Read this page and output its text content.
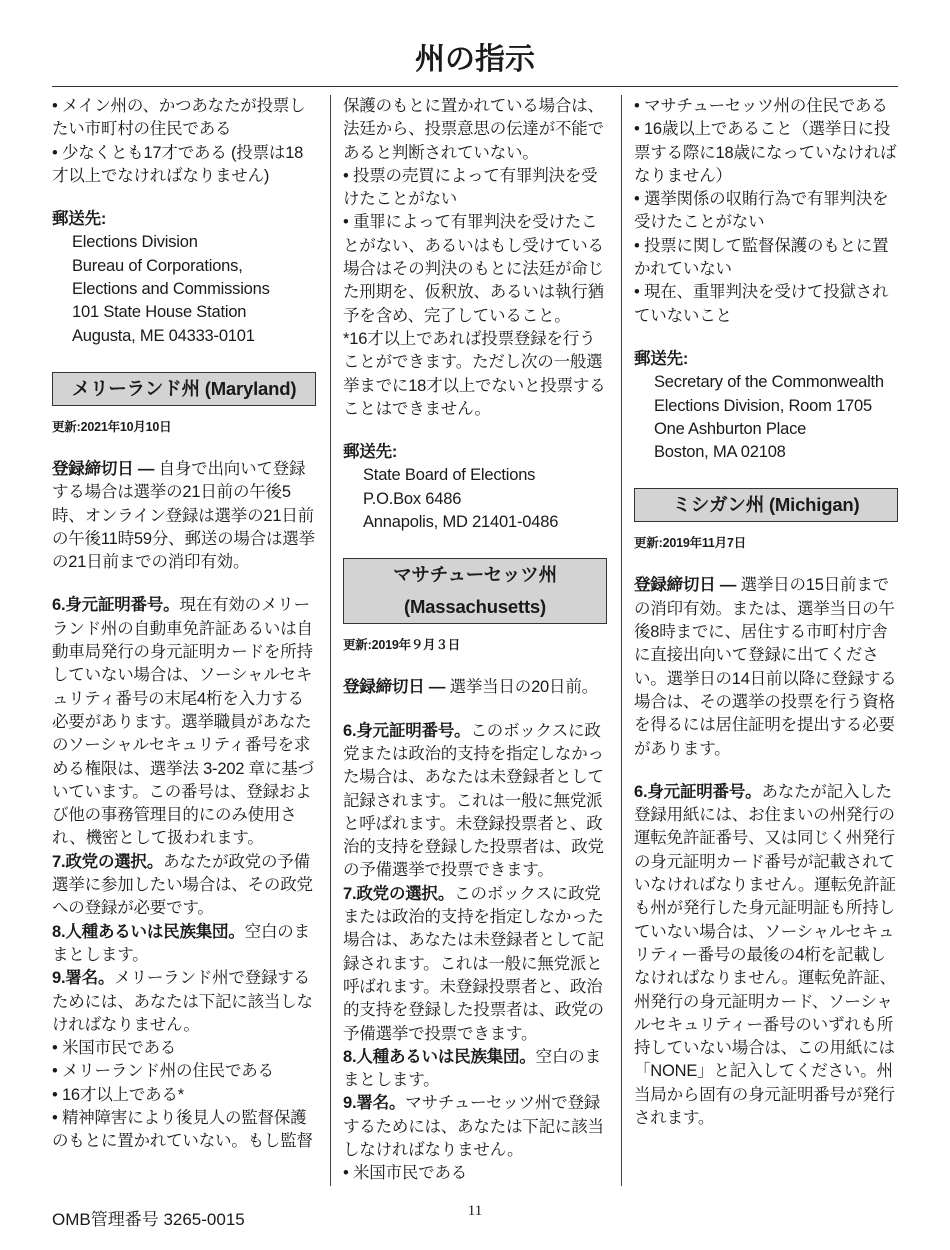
州の指示
• メイン州の、かつあなたが投票したい市町村の住民である
• 少なくとも17才である (投票は18才以上でなければなりません)
郵送先:
Elections Division
Bureau of Corporations,
Elections and Commissions
101 State House Station
Augusta, ME 04333-0101
メリーランド州 (Maryland)
更新:2021年10月10日
登録締切日 — 自身で出向いて登録する場合は選挙の21日前の午後5時、オンライン登録は選挙の21日前の午後11時59分、郵送の場合は選挙の21日前までの消印有効。
6.身元証明番号。現在有効のメリーランド州の自動車免許証あるいは自動車局発行の身元証明カードを所持していない場合は、ソーシャルセキュリティ番号の末尾4桁を入力する必要があります。選挙職員があなたのソーシャルセキュリティ番号を求める権限は、選挙法 3-202 章に基づいています。この番号は、登録および他の事務管理目的にのみ使用され、機密として扱われます。
7.政党の選択。あなたが政党の予備選挙に参加したい場合は、その政党への登録が必要です。
8.人種あるいは民族集団。空白のままとします。
9.署名。メリーランド州で登録するためには、あなたは下記に該当しなければなりません。
• 米国市民である
• メリーランド州の住民である
• 16才以上である*
• 精神障害により後見人の監督保護のもとに置かれていない。もし監督
保護のもとに置かれている場合は、法廷から、投票意思の伝達が不能であると判断されていない。
• 投票の売買によって有罪判決を受けたことがない
• 重罪によって有罪判決を受けたことがない、あるいはもし受けている場合はその判決のもとに法廷が命じた刑期を、仮釈放、あるいは執行猶予を含め、完了していること。
*16才以上であれば投票登録を行うことができます。ただし次の一般選挙までに18才以上でないと投票することはできません。
郵送先:
State Board of Elections
P.O.Box 6486
Annapolis, MD 21401-0486
マサチューセッツ州 (Massachusetts)
更新:2019年９月３日
登録締切日 — 選挙当日の20日前。
6.身元証明番号。このボックスに政党または政治的支持を指定しなかった場合は、あなたは未登録者として記録されます。これは一般に無党派と呼ばれます。未登録投票者と、政治的支持を登録した投票者は、政党の予備選挙で投票できます。
7.政党の選択。このボックスに政党または政治的支持を指定しなかった場合は、あなたは未登録者として記録されます。これは一般に無党派と呼ばれます。未登録投票者と、政治的支持を登録した投票者は、政党の予備選挙で投票できます。
8.人種あるいは民族集団。空白のままとします。
9.署名。マサチューセッツ州で登録するためには、あなたは下記に該当しなければなりません。
• 米国市民である
• マサチューセッツ州の住民である
• 16歳以上であること（選挙日に投票する際に18歳になっていなければなりません）
• 選挙関係の収賄行為で有罪判決を受けたことがない
• 投票に関して監督保護のもとに置かれていない
• 現在、重罪判決を受けて投獄されていないこと
郵送先:
Secretary of the Commonwealth
Elections Division, Room 1705
One Ashburton Place
Boston, MA 02108
ミシガン州 (Michigan)
更新:2019年11月7日
登録締切日 — 選挙日の15日前までの消印有効。または、選挙当日の午後8時までに、居住する市町村庁舎に直接出向いて登録に出てください。選挙日の14日前以降に登録する場合は、その選挙の投票を行う資格を得るには居住証明を提出する必要があります。
6.身元証明番号。あなたが記入した登録用紙には、お住まいの州発行の運転免許証番号、又は同じく州発行の身元証明カード番号が記載されていなければなりません。運転免許証も州が発行した身元証明証も所持していない場合は、ソーシャルセキュリティー番号の最後の4桁を記載しなければなりません。運転免許証、州発行の身元証明カード、ソーシャルセキュリティー番号のいずれも所持していない場合は、この用紙には「NONE」と記入してください。州当局から固有の身元証明番号が発行されます。
OMB管理番号 3265-0015	11
